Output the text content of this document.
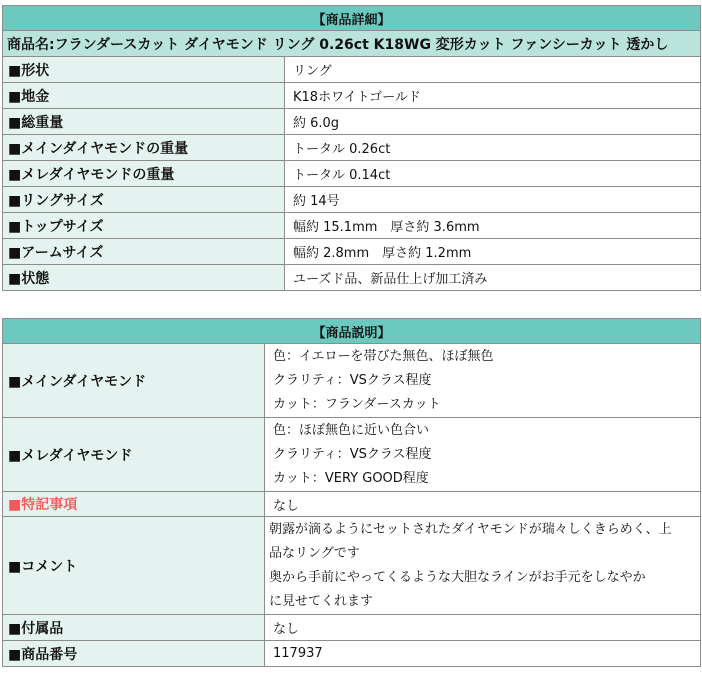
【商品詳細】	
商品名:フランダースカット ダイヤモンド リング 0.26ct K18WG 変形カット ファンシーカット 透かし	
■形状	リング
■地金	K18ホワイトゴールド
■総重量	約 6.0g
■メインダイヤモンドの重量	トータル 0.26ct
■メレダイヤモンドの重量	トータル 0.14ct
■リングサイズ	約 14号
■トップサイズ	幅約 15.1mm　厚さ約 3.6mm
■アームサイズ	幅約 2.8mm　厚さ約 1.2mm
■状態	ユーズド品、新品仕上げ加工済み
【商品説明】	
■メインダイヤモンド	色：イエローを帯びた無色、ほぼ無色
クラリティ：VSクラス程度
カット：フランダースカット

■メレダイヤモンド	色：ほぼ無色に近い色合い
クラリティ：VSクラス程度
カット：VERY GOOD程度

■特記事項	なし
■コメント	朝露が滴るようにセットされたダイヤモンドが瑞々しくきらめく、上
品なリングです
奥から手前にやってくるような大胆なラインがお手元をしなやか
に見せてくれます

■付属品	なし
■商品番号	117937
